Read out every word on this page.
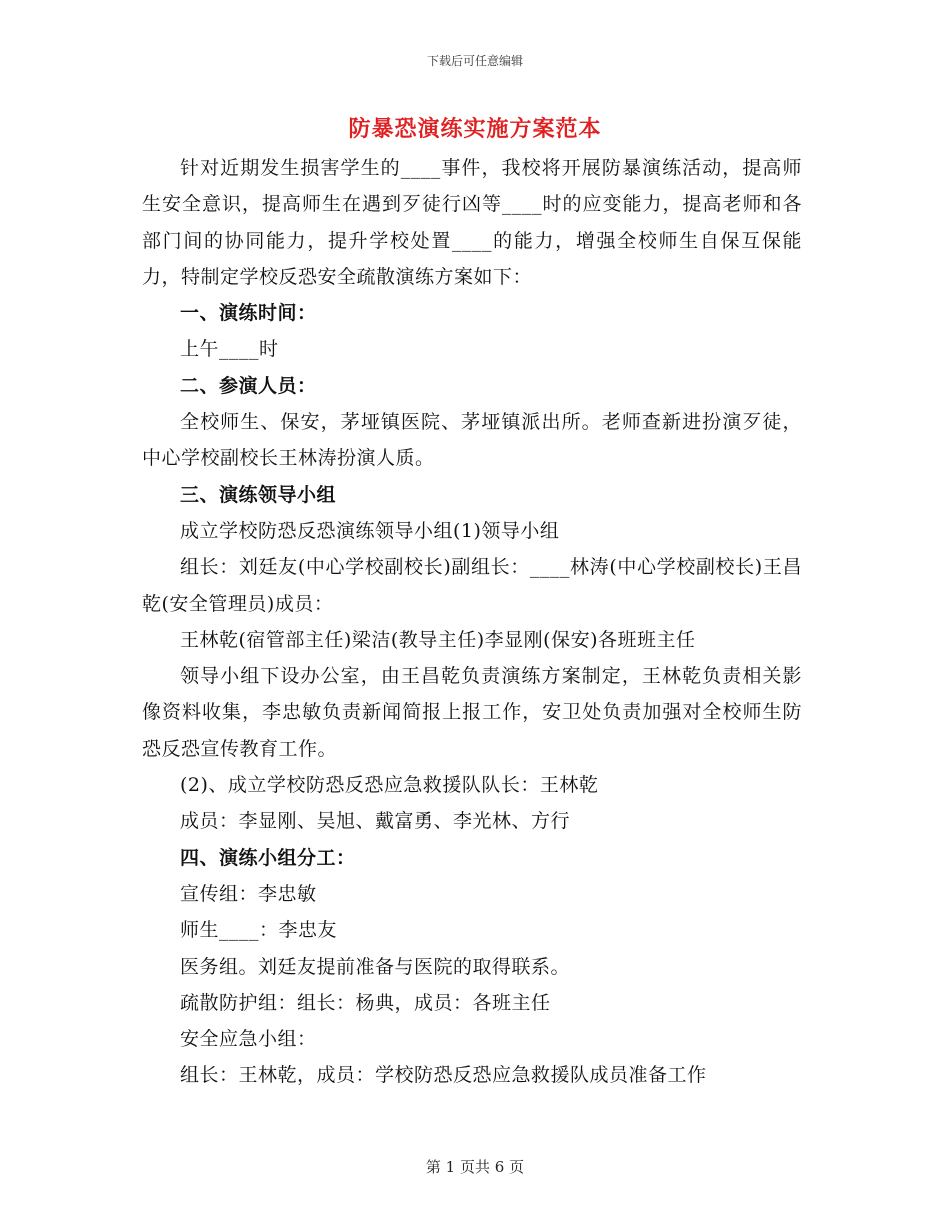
下载后可任意编辑
防暴恐演练实施方案范本

针对近期发生损害学生的____事件，我校将开展防暴演练活动，提高师生安全意识，提高师生在遇到歹徒行凶等____时的应变能力，提高老师和各部门间的协同能力，提升学校处置____的能力，增强全校师生自保互保能力，特制定学校反恐安全疏散演练方案如下：

一、演练时间：

上午____时

二、参演人员：

全校师生、保安，茅垭镇医院、茅垭镇派出所。老师查新进扮演歹徒，中心学校副校长王林涛扮演人质。

三、演练领导小组

成立学校防恐反恐演练领导小组(1)领导小组

组长：刘廷友(中心学校副校长)副组长：____林涛(中心学校副校长)王昌乾(安全管理员)成员：

王林乾(宿管部主任)梁洁(教导主任)李显刚(保安)各班班主任

领导小组下设办公室，由王昌乾负责演练方案制定，王林乾负责相关影像资料收集，李忠敏负责新闻简报上报工作，安卫处负责加强对全校师生防恐反恐宣传教育工作。

(2)、成立学校防恐反恐应急救援队队长：王林乾

成员：李显刚、吴旭、戴富勇、李光林、方行

四、演练小组分工：

宣传组：李忠敏

师生____：李忠友

医务组。刘廷友提前准备与医院的取得联系。

疏散防护组：组长：杨典，成员：各班主任

安全应急小组：

组长：王林乾，成员：学校防恐反恐应急救援队成员准备工作

第 1 页共 6 页
